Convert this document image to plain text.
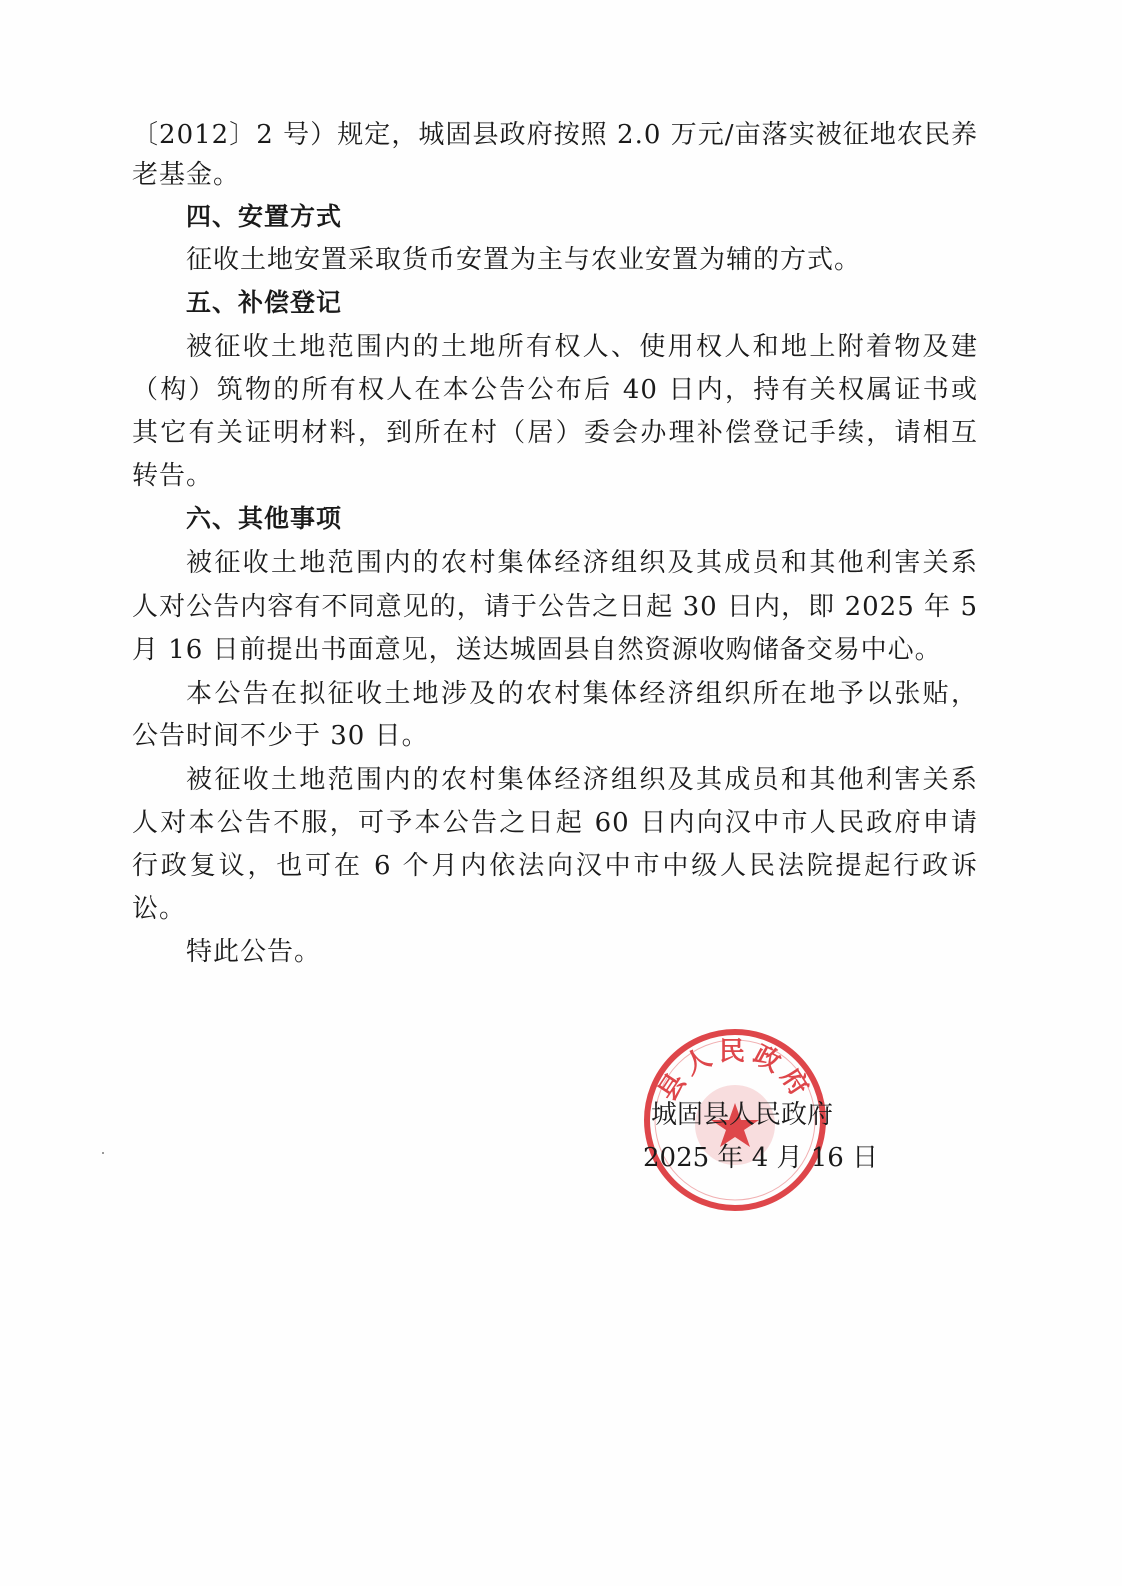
〔2012〕2 号）规定，城固县政府按照 2.0 万元/亩落实被征地农民养
老基金。
四、安置方式
征收土地安置采取货币安置为主与农业安置为辅的方式。
五、补偿登记
被征收土地范围内的土地所有权人、使用权人和地上附着物及建
（构）筑物的所有权人在本公告公布后 40 日内，持有关权属证书或
其它有关证明材料，到所在村（居）委会办理补偿登记手续，请相互
转告。
六、其他事项
被征收土地范围内的农村集体经济组织及其成员和其他利害关系
人对公告内容有不同意见的，请于公告之日起 30 日内，即 2025 年 5
月 16 日前提出书面意见，送达城固县自然资源收购储备交易中心。
本公告在拟征收土地涉及的农村集体经济组织所在地予以张贴，
公告时间不少于 30 日。
被征收土地范围内的农村集体经济组织及其成员和其他利害关系
人对本公告不服，可予本公告之日起 60 日内向汉中市人民政府申请
行政复议，也可在 6 个月内依法向汉中市中级人民法院提起行政诉
讼。
特此公告。
县人民政府
城固县人民政府
2025 年 4 月 16 日
